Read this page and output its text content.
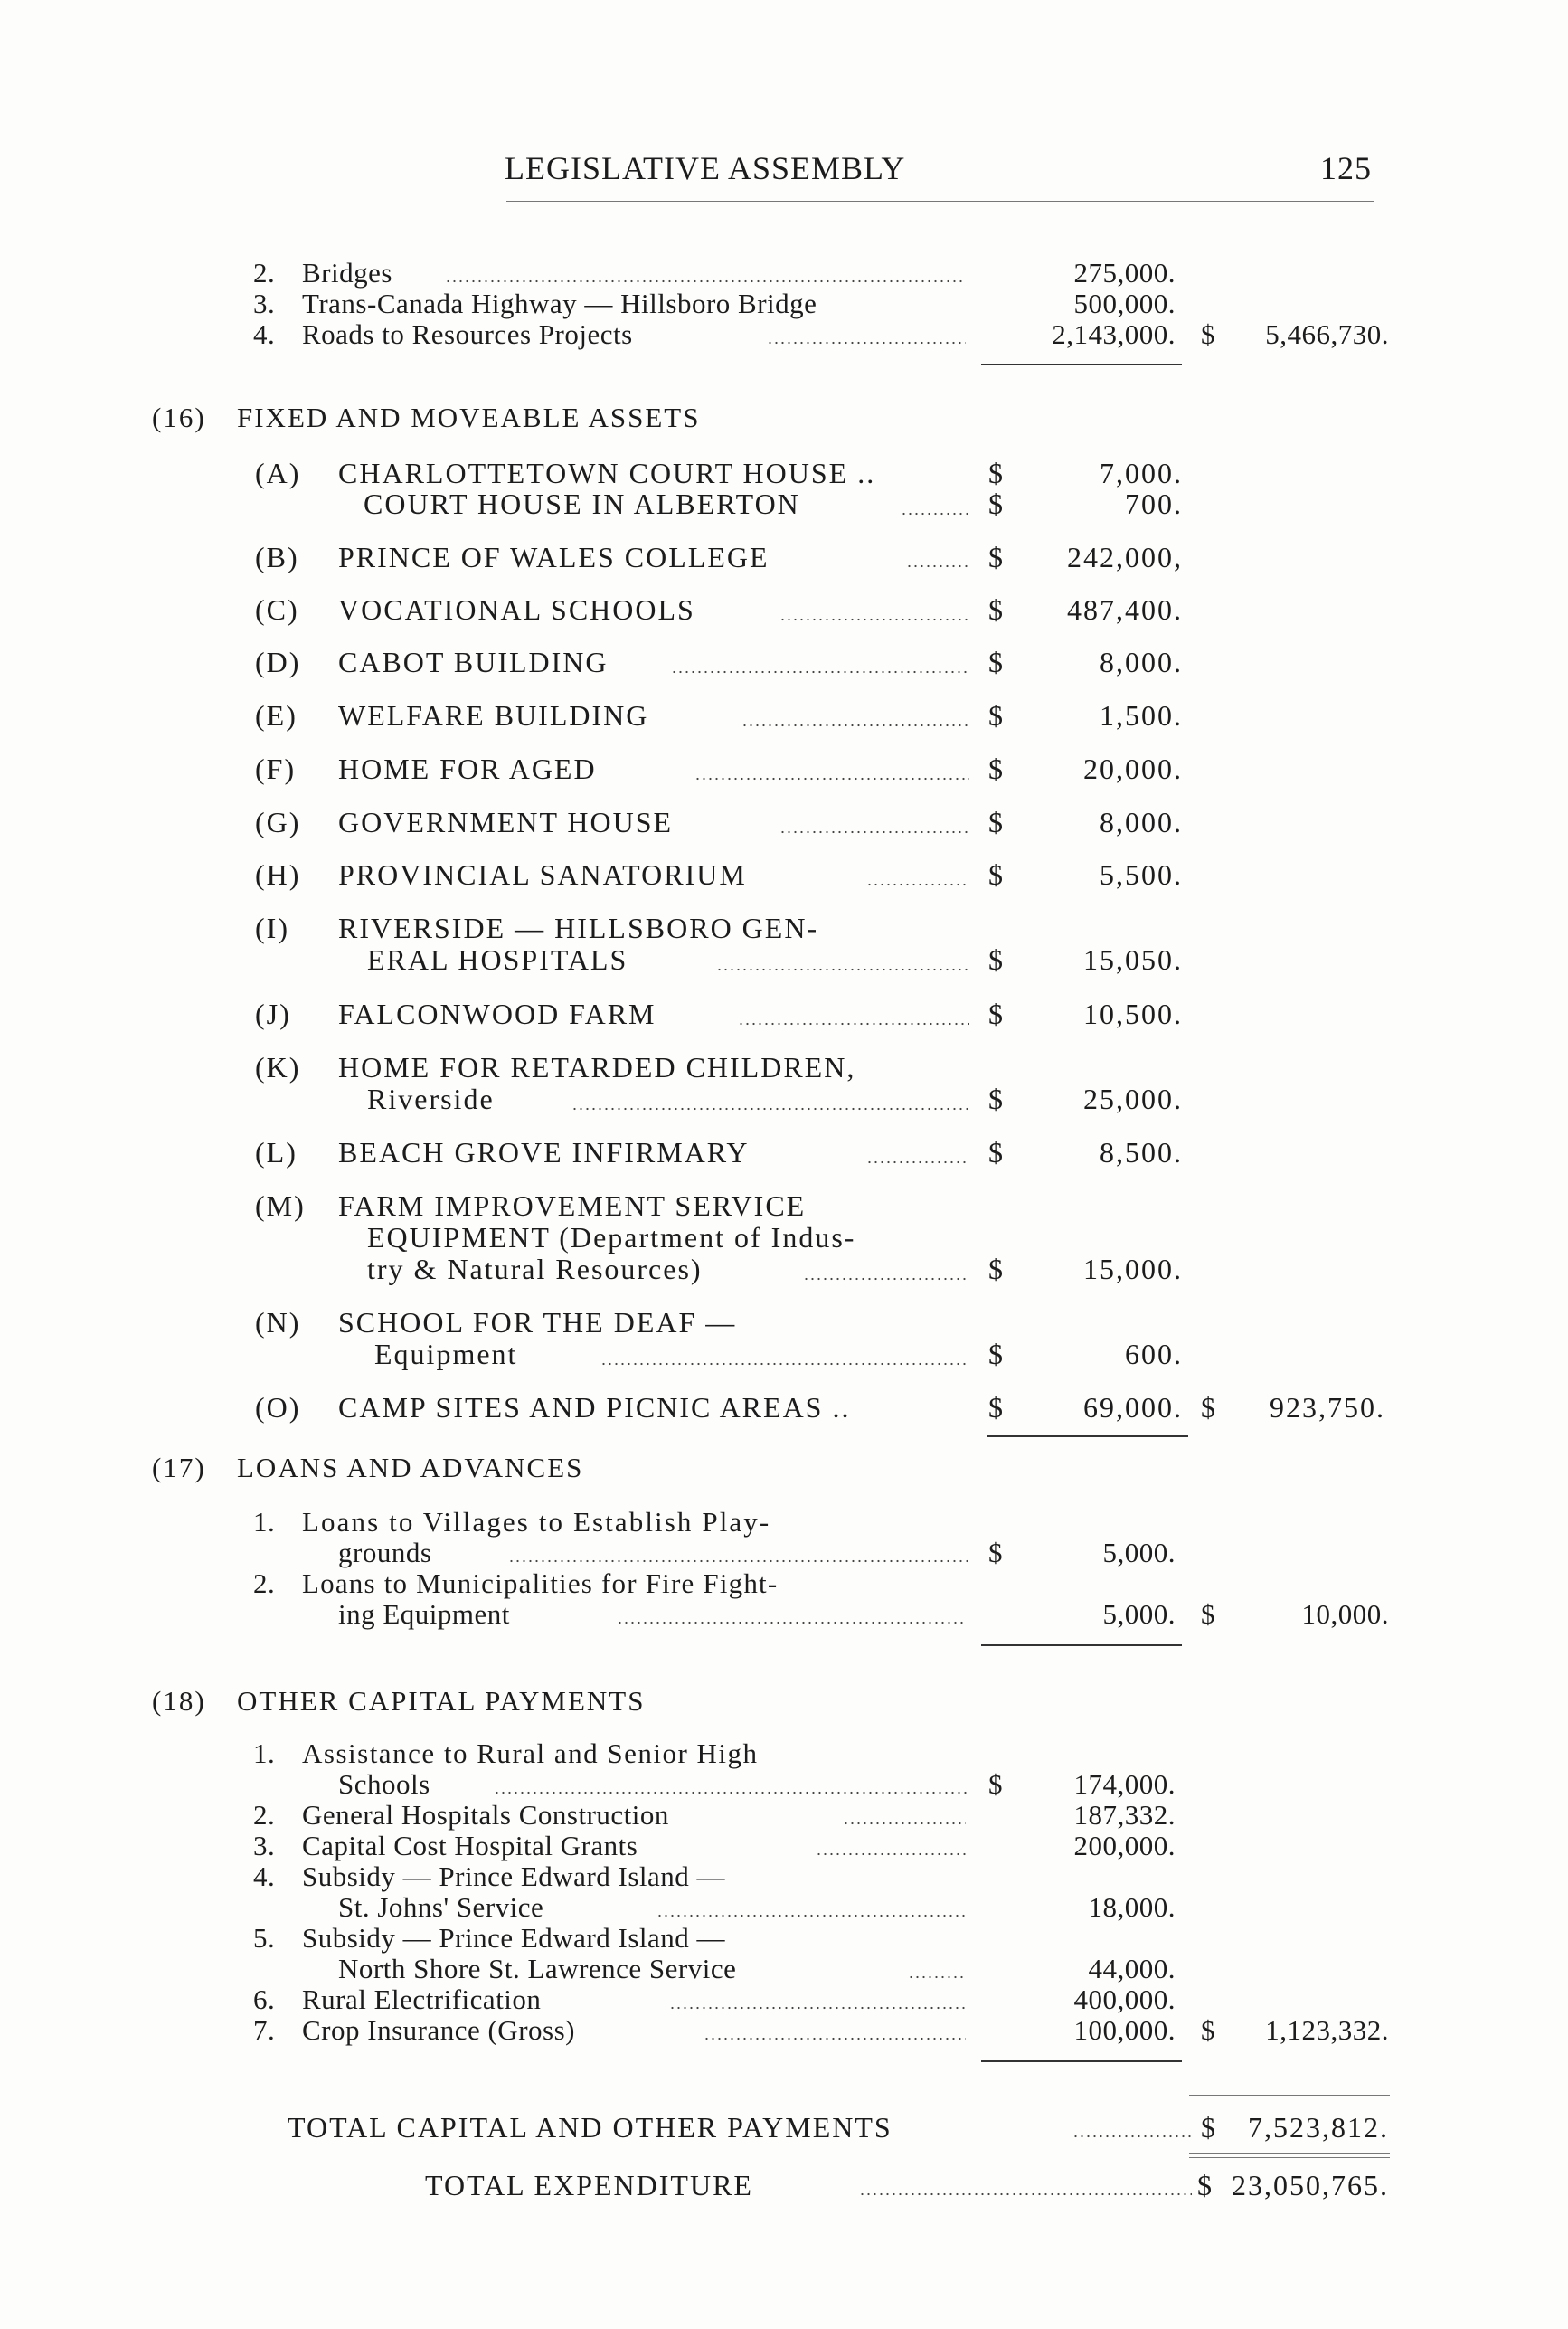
LEGISLATIVE ASSEMBLY	125
2. Bridges	275,000.
3. Trans-Canada Highway — Hillsboro Bridge	500,000.
4. Roads to Resources Projects	2,143,000. $ 5,466,730.
(16) FIXED AND MOVEABLE ASSETS
(A) CHARLOTTETOWN COURT HOUSE ..	$	7,000.
COURT HOUSE IN ALBERTON	$	700.
(B) PRINCE OF WALES COLLEGE	$ 242,000,
(C) VOCATIONAL SCHOOLS	$ 487,400.
(D) CABOT BUILDING	$	8,000.
(E) WELFARE BUILDING	$	1,500.
(F) HOME FOR AGED	$	20,000.
(G) GOVERNMENT HOUSE	$	8,000.
(H) PROVINCIAL SANATORIUM	$	5,500.
(I) RIVERSIDE — HILLSBORO GEN-
ERAL HOSPITALS	$	15,050.
(J) FALCONWOOD FARM	$	10,500.
(K) HOME FOR RETARDED CHILDREN,
Riverside	$	25,000.
(L) BEACH GROVE INFIRMARY	$	8,500.
(M) FARM IMPROVEMENT SERVICE
EQUIPMENT (Department of Indus-
try & Natural Resources)	$	15,000.
(N) SCHOOL FOR THE DEAF —
Equipment	$	600.
(O) CAMP SITES AND PICNIC AREAS ..	$	69,000. $ 923,750.
(17) LOANS AND ADVANCES
1. Loans to Villages to Establish Play-
grounds	$	5,000.
2. Loans to Municipalities for Fire Fight-
ing Equipment	5,000. $	10,000.
(18) OTHER CAPITAL PAYMENTS
1. Assistance to Rural and Senior High
Schools	$	174,000.
2. General Hospitals Construction	187,332.
3. Capital Cost Hospital Grants	200,000.
4. Subsidy — Prince Edward Island —
St. Johns' Service	18,000.
5. Subsidy — Prince Edward Island —
North Shore St. Lawrence Service	44,000.
6. Rural Electrification	400,000.
7. Crop Insurance (Gross)	100,000. $ 1,123,332.
TOTAL CAPITAL AND OTHER PAYMENTS	$ 7,523,812.
TOTAL EXPENDITURE	$ 23,050,765.
